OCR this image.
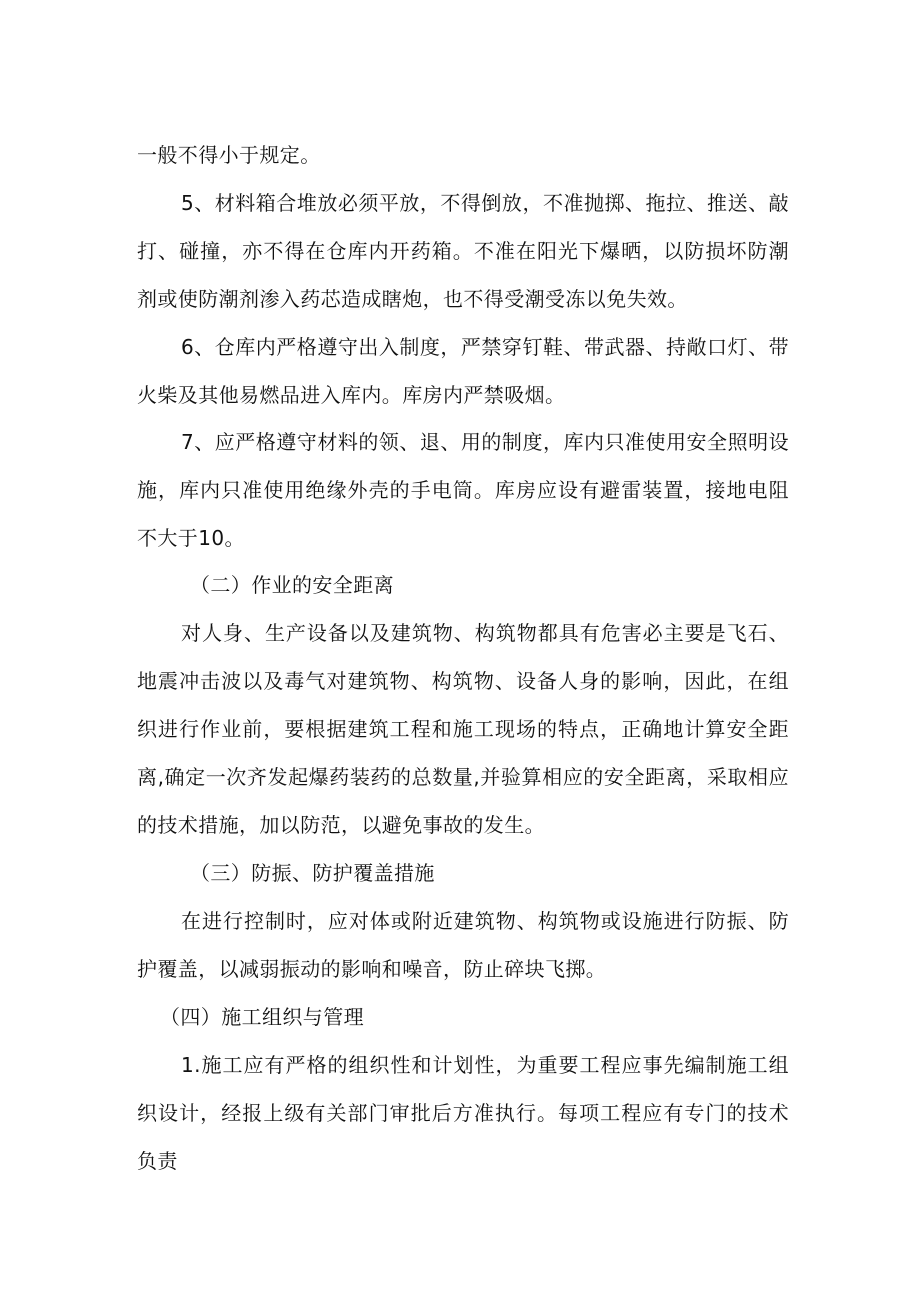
一般不得小于规定。
5、材料箱合堆放必须平放，不得倒放，不准抛掷、拖拉、推送、敲打、碰撞，亦不得在仓库内开药箱。不准在阳光下爆晒，以防损坏防潮剂或使防潮剂渗入药芯造成瞎炮，也不得受潮受冻以免失效。
6、仓库内严格遵守出入制度，严禁穿钉鞋、带武器、持敞口灯、带火柴及其他易燃品进入库内。库房内严禁吸烟。
7、应严格遵守材料的领、退、用的制度，库内只准使用安全照明设施，库内只准使用绝缘外壳的手电筒。库房应设有避雷装置，接地电阻不大于10。
（二）作业的安全距离
对人身、生产设备以及建筑物、构筑物都具有危害必主要是飞石、地震冲击波以及毒气对建筑物、构筑物、设备人身的影响，因此，在组织进行作业前，要根据建筑工程和施工现场的特点，正确地计算安全距离,确定一次齐发起爆药装药的总数量,并验算相应的安全距离，采取相应的技术措施，加以防范，以避免事故的发生。
（三）防振、防护覆盖措施
在进行控制时，应对体或附近建筑物、构筑物或设施进行防振、防护覆盖，以减弱振动的影响和噪音，防止碎块飞掷。
（四）施工组织与管理
1.施工应有严格的组织性和计划性，为重要工程应事先编制施工组织设计，经报上级有关部门审批后方准执行。每项工程应有专门的技术负责
